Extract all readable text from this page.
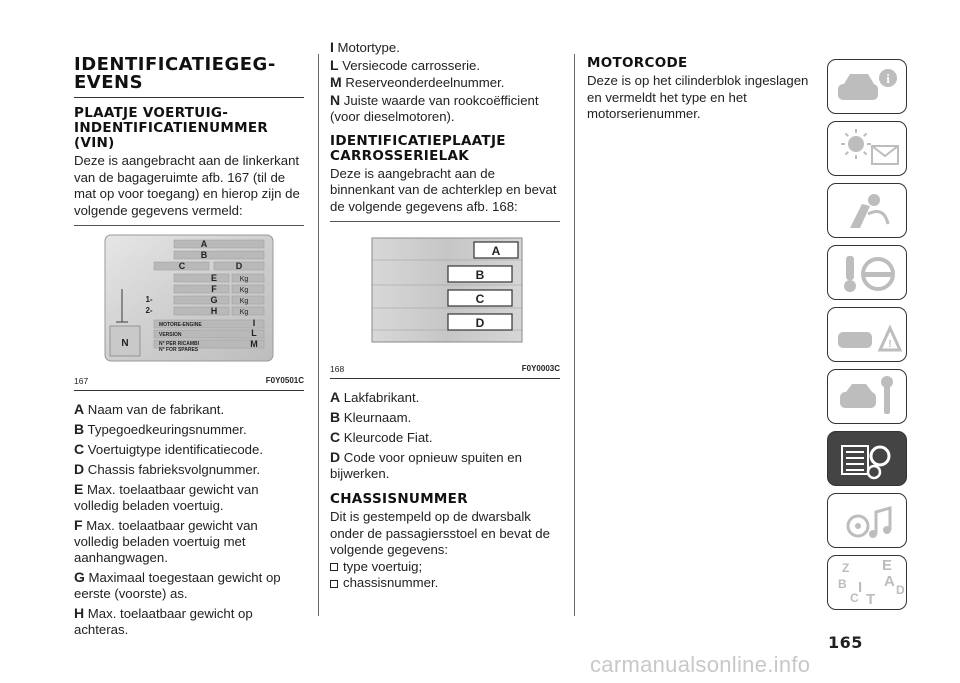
IDENTIFICATIEGEG-EVENS
PLAATJE VOERTUIG-INDENTIFICATIENUMMER (VIN)

Deze is aangebracht aan de linkerkant van de bagageruimte afb. 167 (til de mat op voor toegang) en hierop zijn de volgende gegevens vermeld:

A
B
C	D
E	Kg
F	Kg
G	Kg
H	Kg
1-
2-
MOTORE-ENGINE	I
VERSION	L
N° PER RICAMBI
N° FOR SPARES
M
N
167	F0Y0501C
A Naam van de fabrikant.
B Typegoedkeuringsnummer.
C Voertuigtype identificatiecode.
D Chassis fabrieksvolgnummer.
E Max. toelaatbaar gewicht van volledig beladen voertuig.
F Max. toelaatbaar gewicht van volledig beladen voertuig met aanhangwagen.
G Maximaal toegestaan gewicht op eerste (voorste) as.
H Max. toelaatbaar gewicht op achteras.
I Motortype.
L Versiecode carrosserie.
M Reserveonderdeelnummer.
N Juiste waarde van rookcoëfficient (voor dieselmotoren).
IDENTIFICATIEPLAATJE CARROSSERIELAK

Deze is aangebracht aan de binnenkant van de achterklep en bevat de volgende gegevens afb. 168:

A
B
C
D
168	F0Y0003C
A Lakfabrikant.
B Kleurnaam.
C Kleurcode Fiat.
D Code voor opnieuw spuiten en bijwerken.
CHASSISNUMMER

Dit is gestempeld op de dwarsbalk onder de passagiersstoel en bevat de volgende gegevens:

type voertuig;
chassisnummer.
MOTORCODE

Deze is op het cilinderblok ingeslagen en vermeldt het type en het motorserienummer.

i
!
Z E
B A
C T
D
I
165
carmanualsonline.info
